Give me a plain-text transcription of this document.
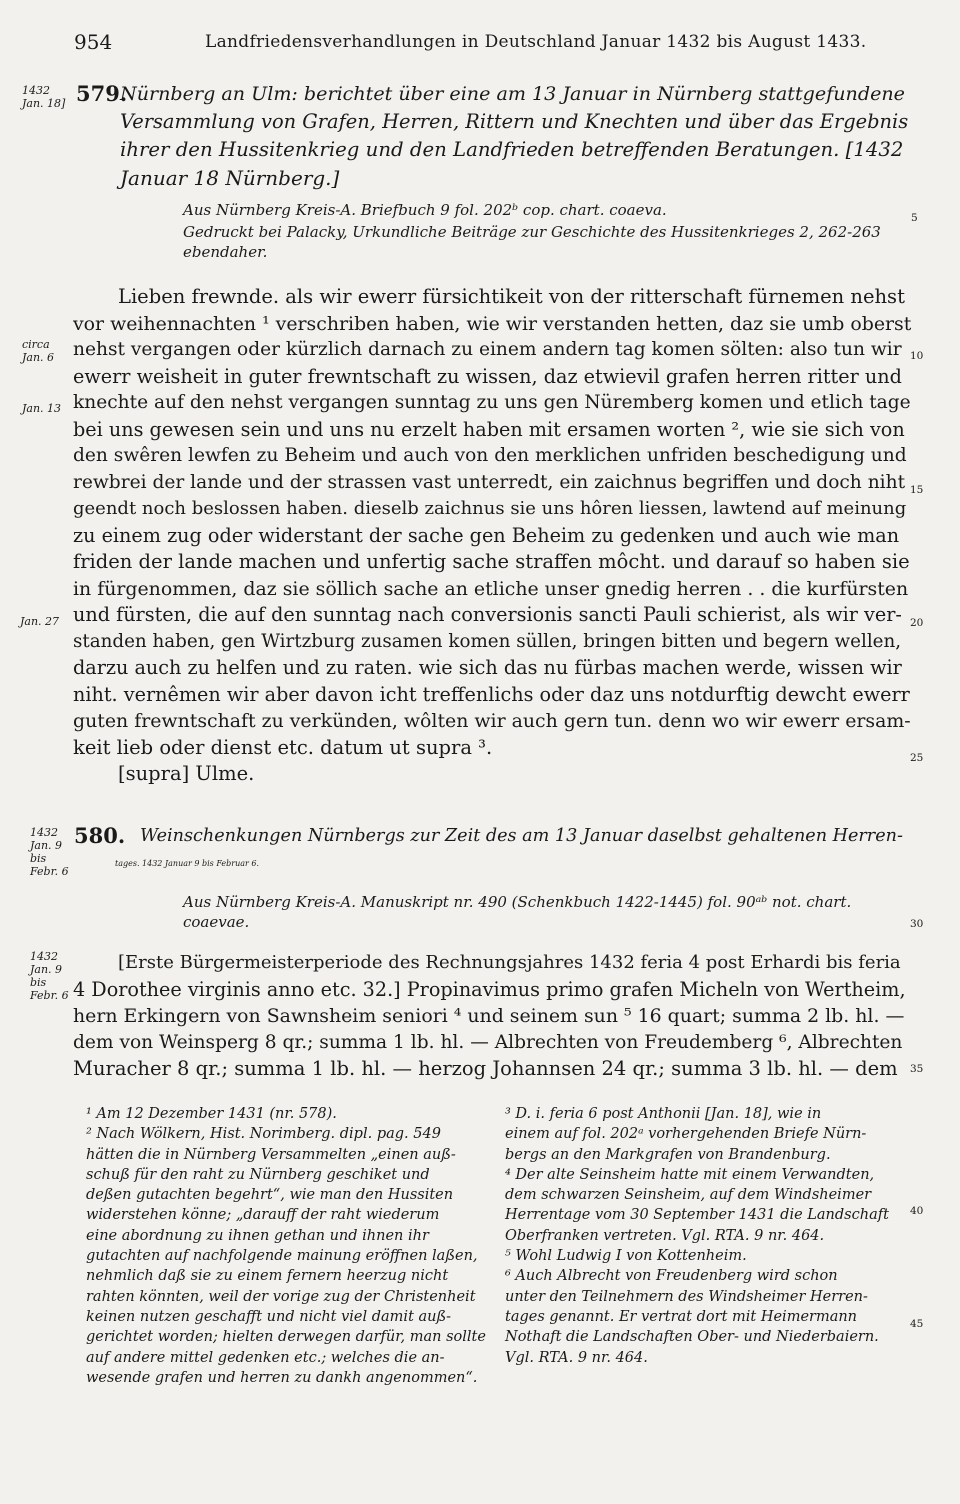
954	Landfriedensverhandlungen in Deutschland Januar 1432 bis August 1433.
1432
Jan. 18] 579.
Nürnberg an Ulm: berichtet über eine am 13 Januar in Nürnberg stattgefundene
Versammlung von Grafen, Herren, Rittern und Knechten und über das Ergebnis
ihrer den Hussitenkrieg und den Landfrieden betreffenden Beratungen. [1432
Januar 18 Nürnberg.]
Aus Nürnberg Kreis-A. Briefbuch 9 fol. 202ᵇ cop. chart. coaeva.
Gedruckt bei Palacky, Urkundliche Beiträge zur Geschichte des Hussitenkrieges 2, 262-263
ebendaher.
Lieben frewnde. als wir ewerr fürsichtikeit von der ritterschaft fürnemen nehst
vor weihennachten ¹ verschriben haben, wie wir verstanden hetten, daz sie umb oberst
nehst vergangen oder kürzlich darnach zu einem andern tag komen sölten: also tun wir
ewerr weisheit in guter frewntschaft zu wissen, daz etwievil grafen herren ritter und
knechte auf den nehst vergangen sunntag zu uns gen Nüremberg komen und etlich tage
bei uns gewesen sein und uns nu erzelt haben mit ersamen worten ², wie sie sich von
den swêren lewfen zu Beheim und auch von den merklichen unfriden beschedigung und
rewbrei der lande und der strassen vast unterredt, ein zaichnus begriffen und doch niht
geendt noch beslossen haben. dieselb zaichnus sie uns hôren liessen, lawtend auf meinung
zu einem zug oder widerstant der sache gen Beheim zu gedenken und auch wie man
friden der lande machen und unfertig sache straffen môcht. und darauf so haben sie
in fürgenommen, daz sie söllich sache an etliche unser gnedig herren . . die kurfürsten
und fürsten, die auf den sunntag nach conversionis sancti Pauli schierist, als wir ver-
standen haben, gen Wirtzburg zusamen komen süllen, bringen bitten und begern wellen,
darzu auch zu helfen und zu raten. wie sich das nu fürbas machen werde, wissen wir
niht. vernêmen wir aber davon icht treffenlichs oder daz uns notdurftig dewcht ewerr
guten frewntschaft zu verkünden, wôlten wir auch gern tun. denn wo wir ewerr ersam-
keit lieb oder dienst etc. datum ut supra ³.
[supra] Ulme.
circa
Jan. 6
Jan. 13
Jan. 27
5
10
15
20
25
30
35
40
45
1432
Jan. 9
bis
Febr. 6
580. Weinschenkungen Nürnbergs zur Zeit des am 13 Januar daselbst gehaltenen Herren-
tages. 1432 Januar 9 bis Februar 6.
Aus Nürnberg Kreis-A. Manuskript nr. 490 (Schenkbuch 1422-1445) fol. 90ᵃᵇ not. chart.
coaevae.
1432
Jan. 9
bis
Febr. 6
[Erste Bürgermeisterperiode des Rechnungsjahres 1432 feria 4 post Erhardi bis feria
4 Dorothee virginis anno etc. 32.] Propinavimus primo grafen Micheln von Wertheim,
hern Erkingern von Sawnsheim seniori ⁴ und seinem sun ⁵ 16 quart; summa 2 lb. hl. —
dem von Weinsperg 8 qr.; summa 1 lb. hl. — Albrechten von Freudemberg ⁶, Albrechten
Muracher 8 qr.; summa 1 lb. hl. — herzog Johannsen 24 qr.; summa 3 lb. hl. — dem
¹ Am 12 Dezember 1431 (nr. 578).
² Nach Wölkern, Hist. Norimberg. dipl. pag. 549
hätten die in Nürnberg Versammelten „einen auß-
schuß für den raht zu Nürnberg geschiket und
deßen gutachten begehrt“, wie man den Hussiten
widerstehen könne; „darauff der raht wiederum
eine abordnung zu ihnen gethan und ihnen ihr
gutachten auf nachfolgende mainung eröffnen laßen,
nehmlich daß sie zu einem fernern heerzug nicht
rahten könnten, weil der vorige zug der Christenheit
keinen nutzen geschafft und nicht viel damit auß-
gerichtet worden; hielten derwegen darfür, man sollte
auf andere mittel gedenken etc.; welches die an-
wesende grafen und herren zu dankh angenommen“.
³ D. i. feria 6 post Anthonii [Jan. 18], wie in
einem auf fol. 202ᵃ vorhergehenden Briefe Nürn-
bergs an den Markgrafen von Brandenburg.
⁴ Der alte Seinsheim hatte mit einem Verwandten,
dem schwarzen Seinsheim, auf dem Windsheimer
Herrentage vom 30 September 1431 die Landschaft
Oberfranken vertreten. Vgl. RTA. 9 nr. 464.
⁵ Wohl Ludwig I von Kottenheim.
⁶ Auch Albrecht von Freudenberg wird schon
unter den Teilnehmern des Windsheimer Herren-
tages genannt. Er vertrat dort mit Heimermann
Nothaft die Landschaften Ober- und Niederbaiern.
Vgl. RTA. 9 nr. 464.
